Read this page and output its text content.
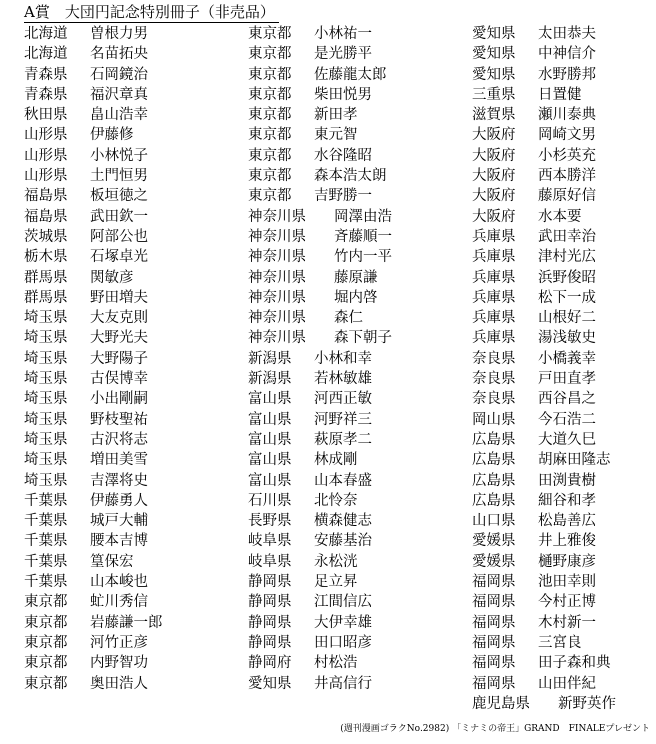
A賞　大団円記念特別冊子（非売品）
北海道	曽根力男
北海道	名苗拓央
青森県	石岡鏡治
青森県	福沢章真
秋田県	畠山浩幸
山形県	伊藤修
山形県	小林悦子
山形県	土門恒男
福島県	板垣徳之
福島県	武田欽一
茨城県	阿部公也
栃木県	石塚卓光
群馬県	関敏彦
群馬県	野田増夫
埼玉県	大友克則
埼玉県	大野光夫
埼玉県	大野陽子
埼玉県	古俣博幸
埼玉県	小出剛嗣
埼玉県	野枝聖祐
埼玉県	古沢将志
埼玉県	増田美雪
埼玉県	吉澤将史
千葉県	伊藤勇人
千葉県	城戸大輔
千葉県	腰本吉博
千葉県	篁保宏
千葉県	山本峻也
東京都	虻川秀信
東京都	岩藤謙一郎
東京都	河竹正彦
東京都	内野智功
東京都	奥田浩人
東京都	小林祐一
東京都	是光勝平
東京都	佐藤龍太郎
東京都	柴田悦男
東京都	新田孝
東京都	東元智
東京都	水谷隆昭
東京都	森本浩太朗
東京都	吉野勝一
神奈川県	岡澤由浩
神奈川県	斉藤順一
神奈川県	竹内一平
神奈川県	藤原謙
神奈川県	堀内啓
神奈川県	森仁
神奈川県	森下朝子
新潟県	小林和幸
新潟県	若林敏雄
富山県	河西正敏
富山県	河野祥三
富山県	萩原孝二
富山県	林成剛
富山県	山本春盛
石川県	北怜奈
長野県	横森健志
岐阜県	安藤基治
岐阜県	永松洸
静岡県	足立昇
静岡県	江間信広
静岡県	大伊幸雄
静岡県	田口昭彦
静岡府	村松浩
愛知県	井高信行
愛知県	太田恭夫
愛知県	中神信介
愛知県	水野勝邦
三重県	日置健
滋賀県	瀬川泰典
大阪府	岡崎文男
大阪府	小杉英充
大阪府	西本勝洋
大阪府	藤原好信
大阪府	水本要
兵庫県	武田幸治
兵庫県	津村光広
兵庫県	浜野俊昭
兵庫県	松下一成
兵庫県	山根好二
兵庫県	湯浅敏史
奈良県	小橋義幸
奈良県	戸田直孝
奈良県	西谷昌之
岡山県	今石浩二
広島県	大道久巳
広島県	胡麻田隆志
広島県	田渕貴樹
広島県	細谷和孝
山口県	松島善広
愛媛県	井上雅俊
愛媛県	樋野康彦
福岡県	池田幸則
福岡県	今村正博
福岡県	木村新一
福岡県	三宮良
福岡県	田子森和典
福岡県	山田伴紀
鹿児島県	新野英作
(週刊漫画ゴラクNo.2982) 「ミナミの帝王」GRAND　FINALEプレゼント
